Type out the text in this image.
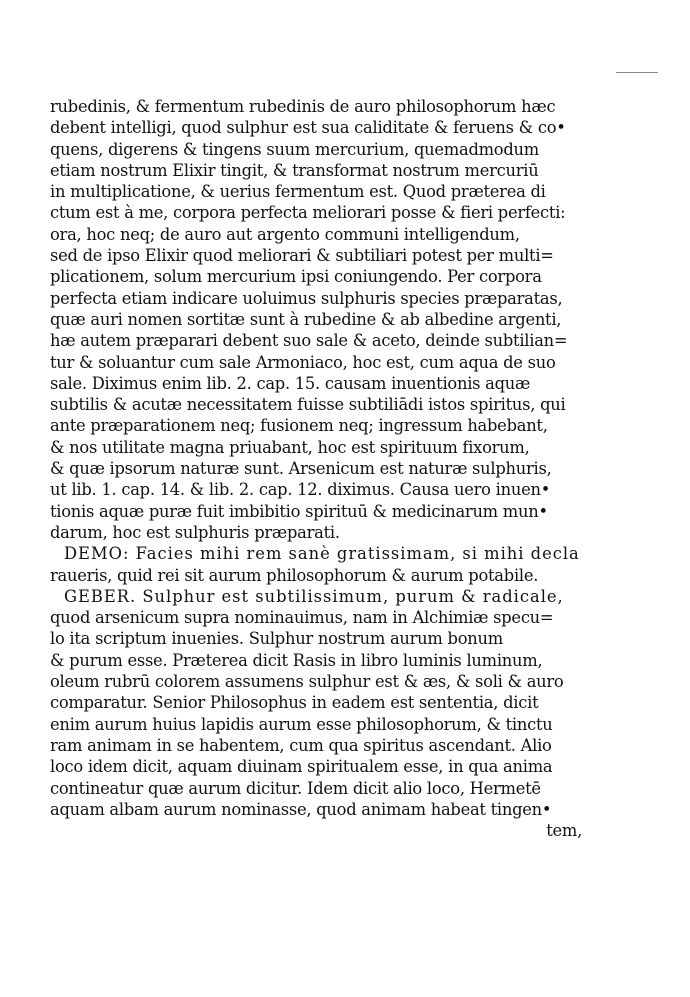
rubedinis, & fermentum rubedinis de auro philosophorum hæc
debent intelligi, quod sulphur est sua caliditate & feruens & co•
quens, digerens & tingens suum mercurium, quemadmodum
etiam nostrum Elixir tingit, & transformat nostrum mercuriū
in multiplicatione, & uerius fermentum est. Quod præterea di
ctum est à me, corpora perfecta meliorari posse & fieri perfecti:
ora, hoc neq; de auro aut argento communi intelligendum,
sed de ipso Elixir quod meliorari & subtiliari potest per multi=
plicationem, solum mercurium ipsi coniungendo. Per corpora
perfecta etiam indicare uoluimus sulphuris species præparatas,
quæ auri nomen sortitæ sunt à rubedine & ab albedine argenti,
hæ autem præparari debent suo sale & aceto, deinde subtilian=
tur & soluantur cum sale Armoniaco, hoc est, cum aqua de suo
sale. Diximus enim lib. 2. cap. 15. causam inuentionis aquæ
subtilis & acutæ necessitatem fuisse subtiliādi istos spiritus, qui
ante præparationem neq; fusionem neq; ingressum habebant,
& nos utilitate magna priuabant, hoc est spirituum fixorum,
& quæ ipsorum naturæ sunt. Arsenicum est naturæ sulphuris,
ut lib. 1. cap. 14. & lib. 2. cap. 12. diximus. Causa uero inuen•
tionis aquæ puræ fuit imbibitio spirituū & medicinarum mun•
darum, hoc est sulphuris præparati.
DEMO: Facies mihi rem sanè gratissimam, si mihi decla
raueris, quid rei sit aurum philosophorum & aurum potabile.
GEBER. Sulphur est subtilissimum, purum & radicale,
quod arsenicum supra nominauimus, nam in Alchimiæ specu=
lo ita scriptum inuenies. Sulphur nostrum aurum bonum
& purum esse. Præterea dicit Rasis in libro luminis luminum,
oleum rubrū colorem assumens sulphur est & æs, & soli & auro
comparatur. Senior Philosophus in eadem est sententia, dicit
enim aurum huius lapidis aurum esse philosophorum, & tinctu
ram animam in se habentem, cum qua spiritus ascendant. Alio
loco idem dicit, aquam diuinam spiritualem esse, in qua anima
contineatur quæ aurum dicitur. Idem dicit alio loco, Hermetē
aquam albam aurum nominasse, quod animam habeat tingen•
tem,
